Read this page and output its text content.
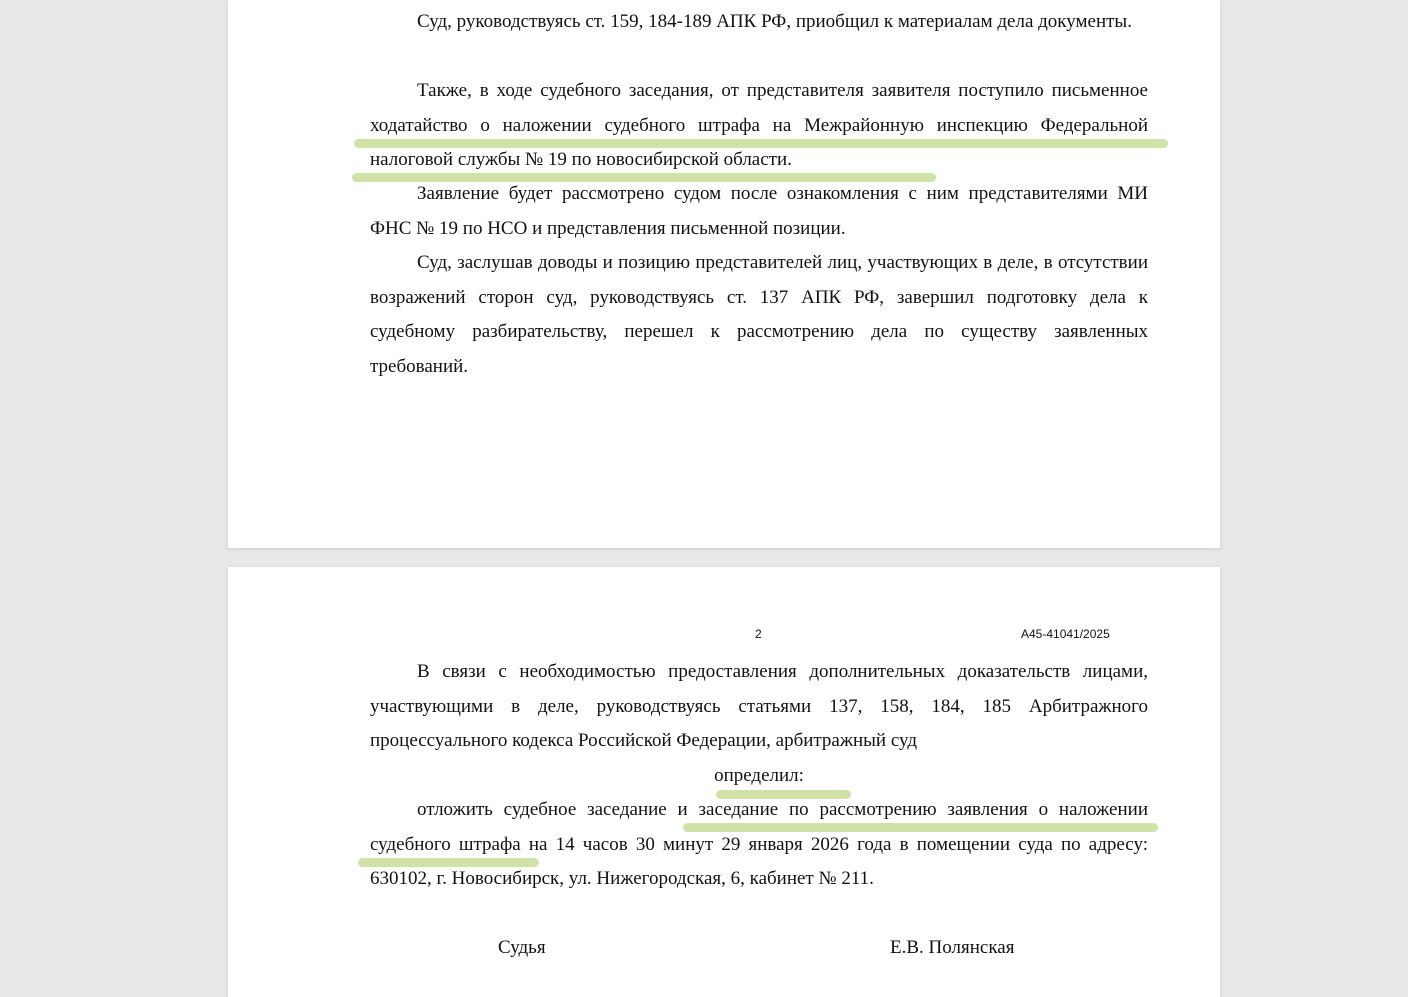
Суд, руководствуясь ст. 159, 184-189 АПК РФ, приобщил к материалам дела документы.

Также, в ходе судебного заседания, от представителя заявителя поступило письменное ходатайство о наложении судебного штрафа на Межрайонную инспекцию Федеральной налоговой службы № 19 по новосибирской области.

Заявление будет рассмотрено судом после ознакомления с ним представителями МИ ФНС № 19 по НСО и представления письменной позиции.

Суд, заслушав доводы и позицию представителей лиц, участвующих в деле, в отсутствии возражений сторон суд, руководствуясь ст. 137 АПК РФ, завершил подготовку дела к судебному разбирательству, перешел к рассмотрению дела по существу заявленных требований.

2	А45-41041/2025

В связи с необходимостью предоставления дополнительных доказательств лицами, участвующими в деле, руководствуясь статьями 137, 158, 184, 185 Арбитражного процессуального кодекса Российской Федерации, арбитражный суд

определил:

отложить судебное заседание и заседание по рассмотрению заявления о наложении судебного штрафа на 14 часов 30 минут 29 января 2026 года в помещении суда по адресу: 630102, г. Новосибирск, ул. Нижегородская, 6, кабинет № 211.

Судья	Е.В. Полянская
